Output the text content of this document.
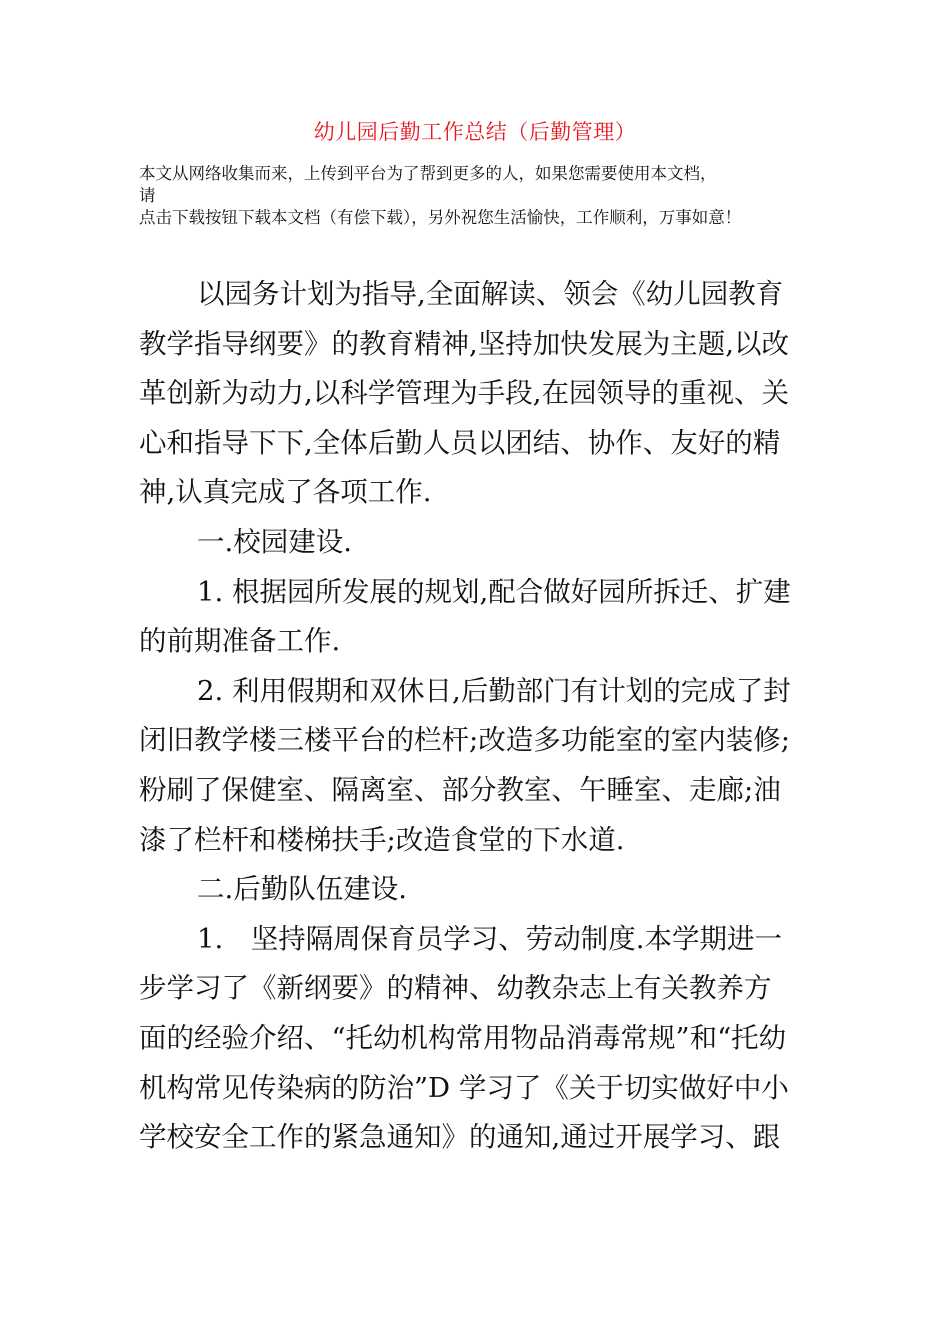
幼儿园后勤工作总结（后勤管理）
本文从网络收集而来，上传到平台为了帮到更多的人，如果您需要使用本文档，
请
点击下载按钮下载本文档（有偿下载），另外祝您生活愉快，工作顺利，万事如意！
以园务计划为指导,全面解读、领会《幼儿园教育
教学指导纲要》的教育精神,坚持加快发展为主题,以改
革创新为动力,以科学管理为手段,在园领导的重视、关
心和指导下下,全体后勤人员以团结、协作、友好的精
神,认真完成了各项工作.
一.校园建设.
1. 根据园所发展的规划,配合做好园所拆迁、扩建
的前期准备工作.
2. 利用假期和双休日,后勤部门有计划的完成了封
闭旧教学楼三楼平台的栏杆;改造多功能室的室内装修;
粉刷了保健室、隔离室、部分教室、午睡室、走廊;油
漆了栏杆和楼梯扶手;改造食堂的下水道.
二.后勤队伍建设.
1.　坚持隔周保育员学习、劳动制度.本学期进一
步学习了《新纲要》的精神、幼教杂志上有关教养方
面的经验介绍、“托幼机构常用物品消毒常规”和“托幼
机构常见传染病的防治”D 学习了《关于切实做好中小
学校安全工作的紧急通知》的通知,通过开展学习、跟
